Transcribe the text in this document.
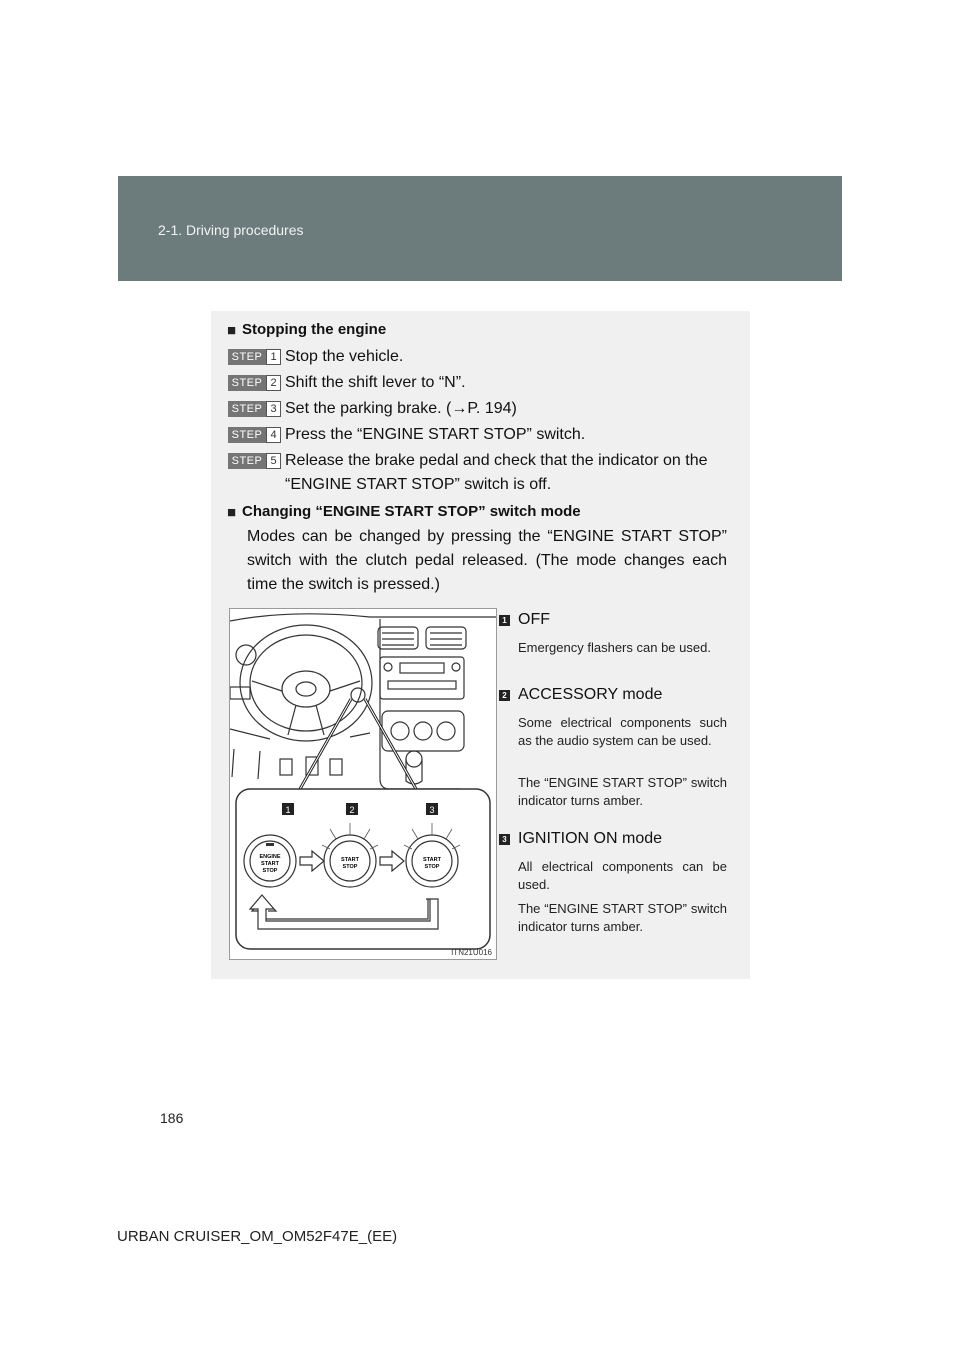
2-1. Driving procedures
■ Stopping the engine
STEP 1 Stop the vehicle.
STEP 2 Shift the shift lever to “N”.
STEP 3 Set the parking brake. (→P. 194)
STEP 4 Press the “ENGINE START STOP” switch.
STEP 5 Release the brake pedal and check that the indicator on the “ENGINE START STOP” switch is off.
■ Changing “ENGINE START STOP” switch mode
Modes can be changed by pressing the “ENGINE START STOP” switch with the clutch pedal released. (The mode changes each time the switch is pressed.)
1	2	3
ENGINE
START
STOP
START
STOP
START
STOP
ITN21U016
1 OFF
Emergency flashers can be used.
2 ACCESSORY mode
Some electrical components such as the audio system can be used.
The “ENGINE START STOP” switch indicator turns amber.
3 IGNITION ON mode
All electrical components can be used.
The “ENGINE START STOP” switch indicator turns amber.
186
URBAN CRUISER_OM_OM52F47E_(EE)
